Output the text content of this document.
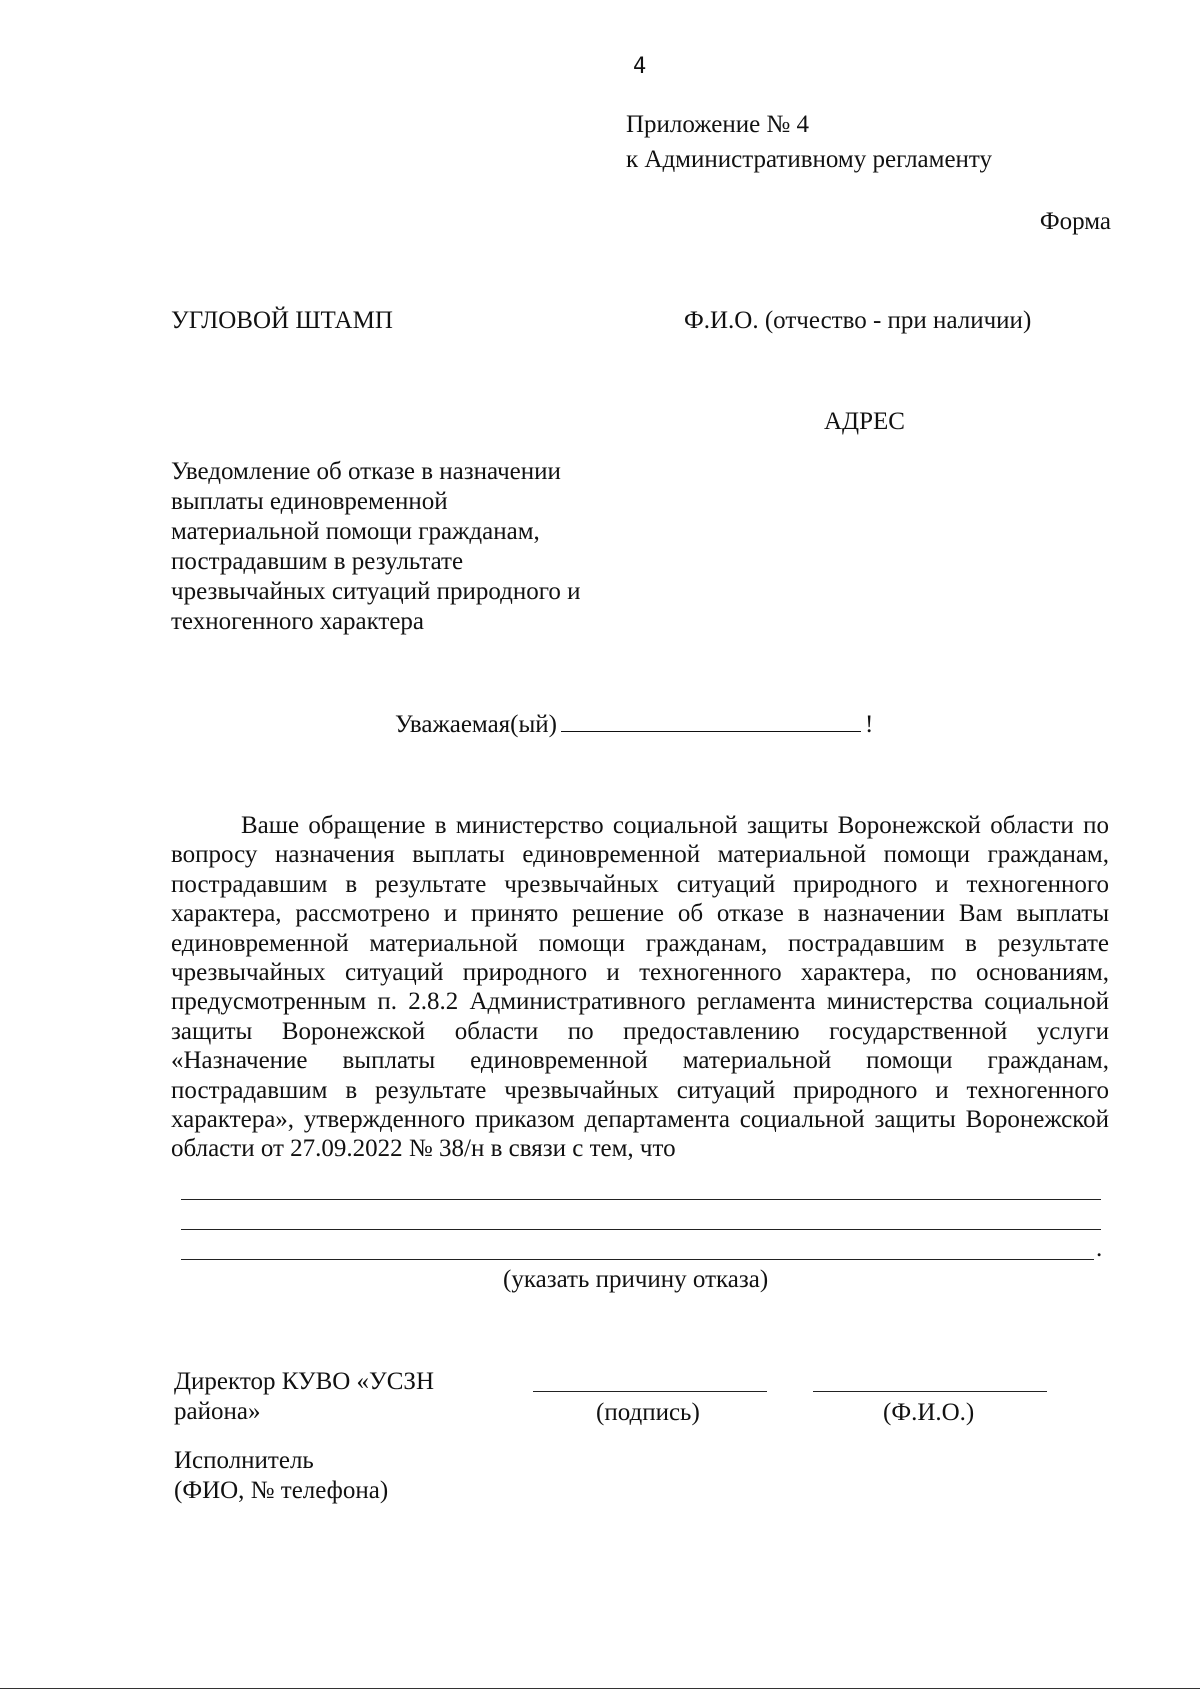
4
Приложение № 4
к Административному регламенту
Форма
УГЛОВОЙ ШТАМП	Ф.И.О. (отчество - при наличии)
АДРЕС
Уведомление об отказе в назначении
выплаты единовременной
материальной помощи гражданам,
пострадавшим в результате
чрезвычайных ситуаций природного и
техногенного характера
Уважаемая(ый)	!

Ваше обращение в министерство социальной защиты Воронежской области по вопросу назначения выплаты единовременной материальной помощи гражданам, пострадавшим в результате чрезвычайных ситуаций природного и техногенного характера, рассмотрено и принято решение об отказе в назначении Вам выплаты единовременной материальной помощи гражданам, пострадавшим в результате чрезвычайных ситуаций природного и техногенного характера, по основаниям, предусмотренным п. 2.8.2 Административного регламента министерства социальной защиты Воронежской области по предоставлению государственной услуги «Назначение выплаты единовременной материальной помощи гражданам, пострадавшим в результате чрезвычайных ситуаций природного и техногенного характера», утвержденного приказом департамента социальной защиты Воронежской области от 27.09.2022 № 38/н в связи с тем, что

.
(указать причину отказа)
Директор КУВО «УСЗН
района»	(подпись)	(Ф.И.О.)
Исполнитель
(ФИО, № телефона)
